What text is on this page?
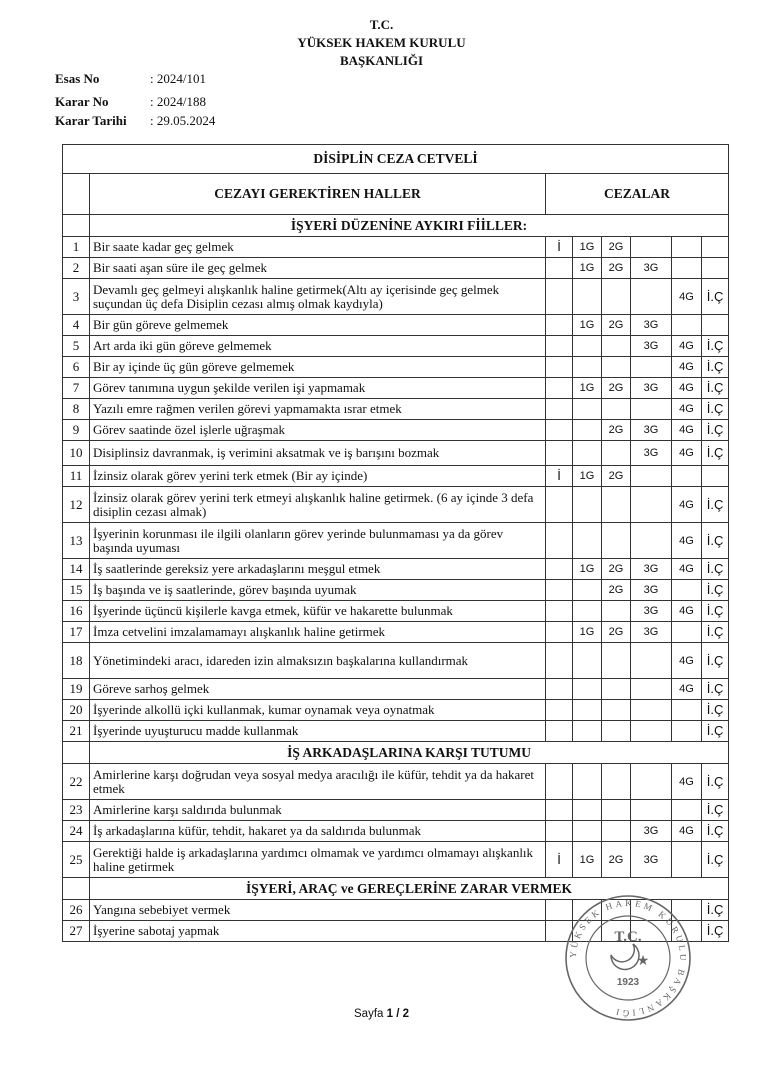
T.C.
YÜKSEK HAKEM KURULU
BAŞKANLIĞI
Esas No	: 2024/101
Karar No	: 2024/188
Karar Tarihi : 29.05.2024
DİSİPLİN CEZA CETVELİ							
	CEZAYI GEREKTİREN HALLER	CEZALAR					
	İŞYERİ DÜZENİNE AYKIRI FİİLLER:						
1	Bir saate kadar geç gelmek	İ	1G	2G			
2	Bir saati aşan süre ile geç gelmek		1G	2G	3G		
3	Devamlı geç gelmeyi alışkanlık haline getirmek(Altı ay içerisinde geç gelmek suçundan üç defa Disiplin cezası almış olmak kaydıyla)					4G	İ.Ç
4	Bir gün göreve gelmemek		1G	2G	3G		
5	Art arda iki gün göreve gelmemek				3G	4G	İ.Ç
6	Bir ay içinde üç gün göreve gelmemek					4G	İ.Ç
7	Görev tanımına uygun şekilde verilen işi yapmamak		1G	2G	3G	4G	İ.Ç
8	Yazılı emre rağmen verilen görevi yapmamakta ısrar etmek					4G	İ.Ç
9	Görev saatinde özel işlerle uğraşmak			2G	3G	4G	İ.Ç
10	Disiplinsiz davranmak, iş verimini aksatmak ve iş barışını bozmak				3G	4G	İ.Ç
11	İzinsiz olarak görev yerini terk etmek (Bir ay içinde)	İ	1G	2G			
12	İzinsiz olarak görev yerini terk etmeyi alışkanlık haline getirmek. (6 ay içinde 3 defa disiplin cezası almak)					4G	İ.Ç
13	İşyerinin korunması ile ilgili olanların görev yerinde bulunmaması ya da görev başında uyuması					4G	İ.Ç
14	İş saatlerinde gereksiz yere arkadaşlarını meşgul etmek		1G	2G	3G	4G	İ.Ç
15	İş başında ve iş saatlerinde, görev başında uyumak			2G	3G		İ.Ç
16	İşyerinde üçüncü kişilerle kavga etmek, küfür ve hakarette bulunmak				3G	4G	İ.Ç
17	İmza cetvelini imzalamamayı alışkanlık haline getirmek		1G	2G	3G		İ.Ç
18	Yönetimindeki aracı, idareden izin almaksızın başkalarına kullandırmak					4G	İ.Ç
19	Göreve sarhoş gelmek					4G	İ.Ç
20	İşyerinde alkollü içki kullanmak, kumar oynamak veya oynatmak						İ.Ç
21	İşyerinde uyuşturucu madde kullanmak						İ.Ç
	İŞ ARKADAŞLARINA KARŞI TUTUMU						
22	Amirlerine karşı doğrudan veya sosyal medya aracılığı ile küfür, tehdit ya da hakaret etmek					4G	İ.Ç
23	Amirlerine karşı saldırıda bulunmak						İ.Ç
24	İş arkadaşlarına küfür, tehdit, hakaret ya da saldırıda bulunmak				3G	4G	İ.Ç
25	Gerektiği halde iş arkadaşlarına yardımcı olmamak ve yardımcı olmamayı alışkanlık haline getirmek	İ	1G	2G	3G		İ.Ç
	İŞYERİ, ARAÇ ve GEREÇLERİNE ZARAR VERMEK						
26	Yangına sebebiyet vermek						İ.Ç
27	İşyerine sabotaj yapmak						İ.Ç
Sayfa 1 / 2
YÜKSEK HAKEM KURULU BAŞKANLIĞI
T.C.
★
1923
